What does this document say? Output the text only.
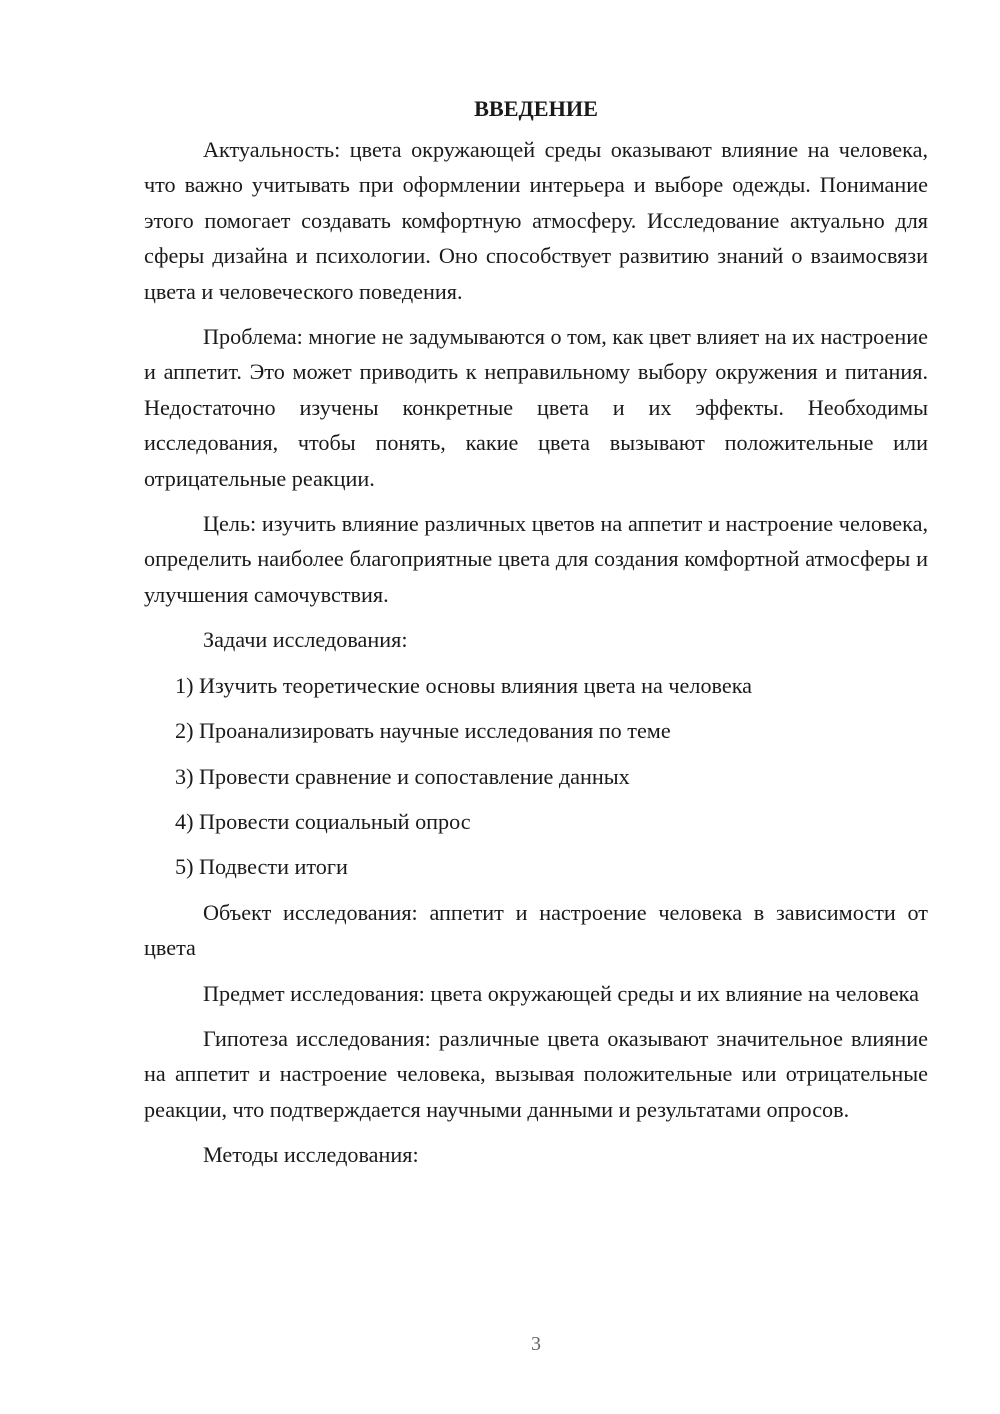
ВВЕДЕНИЕ

Актуальность: цвета окружающей среды оказывают влияние на человека, что важно учитывать при оформлении интерьера и выборе одежды. Понимание этого помогает создавать комфортную атмосферу. Исследование актуально для сферы дизайна и психологии. Оно способствует развитию знаний о взаимосвязи цвета и человеческого поведения.

Проблема: многие не задумываются о том, как цвет влияет на их настроение и аппетит. Это может приводить к неправильному выбору окружения и питания. Недостаточно изучены конкретные цвета и их эффекты. Необходимы исследования, чтобы понять, какие цвета вызывают положительные или отрицательные реакции.

Цель: изучить влияние различных цветов на аппетит и настроение человека, определить наиболее благоприятные цвета для создания комфортной атмосферы и улучшения самочувствия.

Задачи исследования:

1) Изучить теоретические основы влияния цвета на человека
2) Проанализировать научные исследования по теме
3) Провести сравнение и сопоставление данных
4) Провести социальный опрос
5) Подвести итоги

Объект исследования: аппетит и настроение человека в зависимости от цвета

Предмет исследования: цвета окружающей среды и их влияние на человека

Гипотеза исследования: различные цвета оказывают значительное влияние на аппетит и настроение человека, вызывая положительные или отрицательные реакции, что подтверждается научными данными и результатами опросов.

Методы исследования:

3
